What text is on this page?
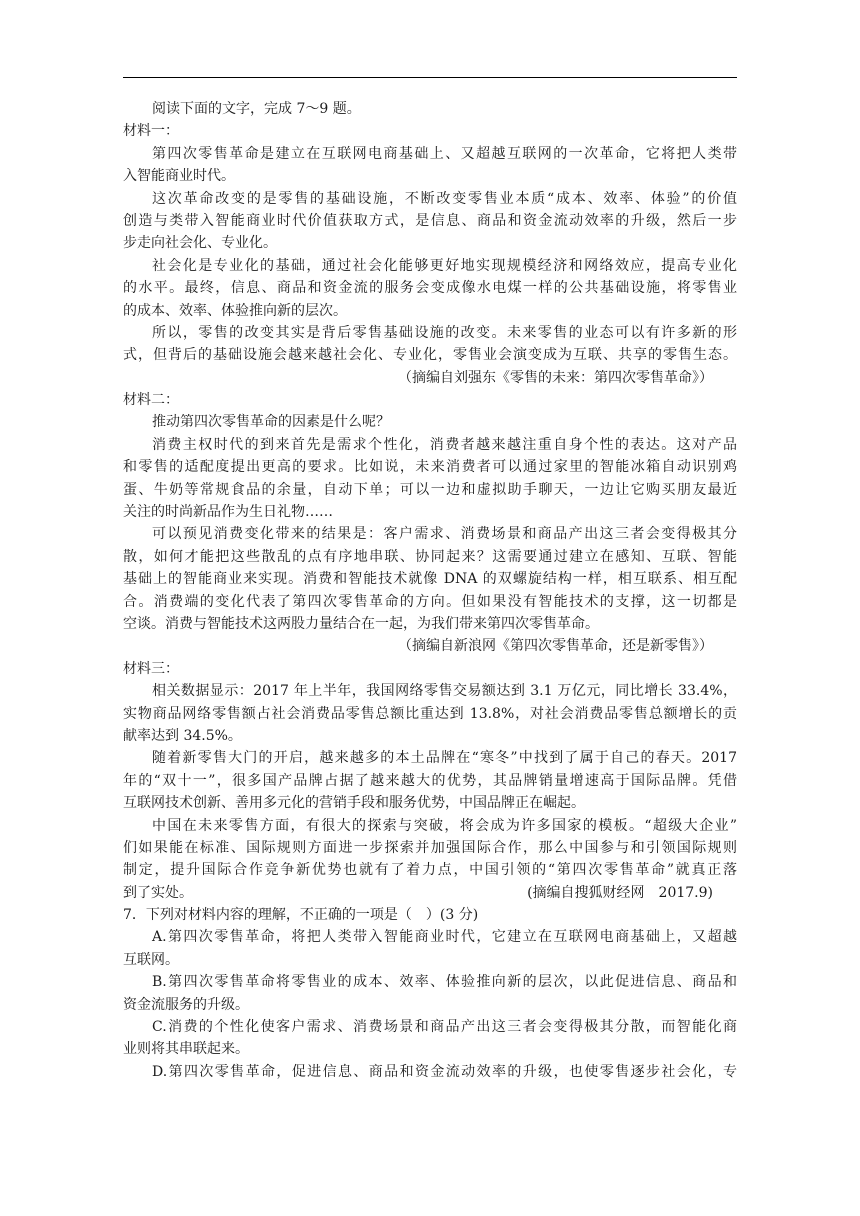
阅读下面的文字，完成 7～9 题。
材料一：
第四次零售革命是建立在互联网电商基础上、又超越互联网的一次革命，它将把人类带
入智能商业时代。
这次革命改变的是零售的基础设施，不断改变零售业本质“成本、效率、体验”的价值
创造与类带入智能商业时代价值获取方式，是信息、商品和资金流动效率的升级，然后一步
步走向社会化、专业化。
社会化是专业化的基础，通过社会化能够更好地实现规模经济和网络效应，提高专业化
的水平。最终，信息、商品和资金流的服务会变成像水电煤一样的公共基础设施，将零售业
的成本、效率、体验推向新的层次。
所以，零售的改变其实是背后零售基础设施的改变。未来零售的业态可以有许多新的形
式，但背后的基础设施会越来越社会化、专业化，零售业会演变成为互联、共享的零售生态。
（摘编自刘强东《零售的未来：第四次零售革命》）
材料二：
推动第四次零售革命的因素是什么呢？
消费主权时代的到来首先是需求个性化，消费者越来越注重自身个性的表达。这对产品
和零售的适配度提出更高的要求。比如说，未来消费者可以通过家里的智能冰箱自动识别鸡
蛋、牛奶等常规食品的余量，自动下单；可以一边和虚拟助手聊天，一边让它购买朋友最近
关注的时尚新品作为生日礼物……
可以预见消费变化带来的结果是：客户需求、消费场景和商品产出这三者会变得极其分
散，如何才能把这些散乱的点有序地串联、协同起来？这需要通过建立在感知、互联、智能
基础上的智能商业来实现。消费和智能技术就像 DNA 的双螺旋结构一样，相互联系、相互配
合。消费端的变化代表了第四次零售革命的方向。但如果没有智能技术的支撑，这一切都是
空谈。消费与智能技术这两股力量结合在一起，为我们带来第四次零售革命。
（摘编自新浪网《第四次零售革命，还是新零售》）
材料三：
相关数据显示：2017 年上半年，我国网络零售交易额达到 3.1 万亿元，同比增长 33.4%，
实物商品网络零售额占社会消费品零售总额比重达到 13.8%，对社会消费品零售总额增长的贡
献率达到 34.5%。
随着新零售大门的开启，越来越多的本土品牌在“寒冬”中找到了属于自己的春天。2017
年的“双十一”，很多国产品牌占据了越来越大的优势，其品牌销量增速高于国际品牌。凭借
互联网技术创新、善用多元化的营销手段和服务优势，中国品牌正在崛起。
中国在未来零售方面，有很大的探索与突破，将会成为许多国家的模板。“超级大企业”
们如果能在标准、国际规则方面进一步探索并加强国际合作，那么中国参与和引领国际规则
制定，提升国际合作竞争新优势也就有了着力点，中国引领的“第四次零售革命”就真正落
到了实处。	(摘编自搜狐财经网　2017.9)
7．下列对材料内容的理解，不正确的一项是（　）(3 分)
A.第四次零售革命，将把人类带入智能商业时代，它建立在互联网电商基础上，又超越
互联网。
B.第四次零售革命将零售业的成本、效率、体验推向新的层次，以此促进信息、商品和
资金流服务的升级。
C.消费的个性化使客户需求、消费场景和商品产出这三者会变得极其分散，而智能化商
业则将其串联起来。
D.第四次零售革命，促进信息、商品和资金流动效率的升级，也使零售逐步社会化，专
